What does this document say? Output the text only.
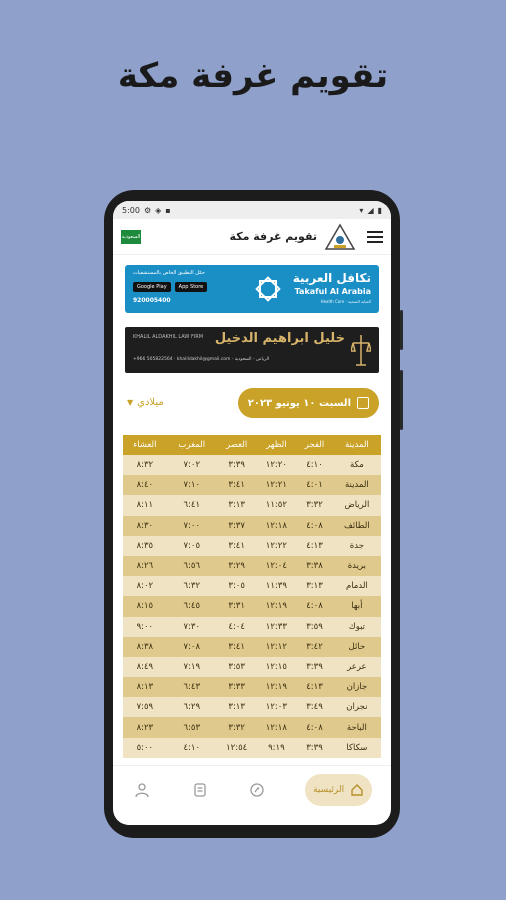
تقويم غرفة مكة
5:00 ⚙ ◈ ▪	▾ ◢ ▮
السعودية	تقويم غرفة مكة
تكافل العربية
Takaful Al Arabia
Health Care · العناية الصحية
حمّل التطبيق الخاص بالمستشفيات
Google Play	App Store
920005400
خليل ابراهيم الدخيل
KHALIL ALDAKHIL LAW FIRM
+966 505822564 · khalildakhil@gmail.com · الرياض - السعودية
السبت ١٠ يونيو ٢٠٢٣
▼ ميلادي
المدينة	الفجر	الظهر	العصر	المغرب	العشاء
مكة	٤:١٠	١٢:٢٠	٣:٣٩	٧:٠٢	٨:٣٢
المدينة	٤:٠١	١٢:٢١	٣:٤١	٧:١٠	٨:٤٠
الرياض	٣:٣٢	١١:٥٢	٣:١٣	٦:٤١	٨:١١
الطائف	٤:٠٨	١٢:١٨	٣:٣٧	٧:٠٠	٨:٣٠
جدة	٤:١٣	١٢:٢٢	٣:٤١	٧:٠٥	٨:٣٥
بريدة	٣:٣٨	١٢:٠٤	٣:٢٩	٦:٥٦	٨:٢٦
الدمام	٣:١٣	١١:٣٩	٣:٠٥	٦:٣٢	٨:٠٢
أبها	٤:٠٨	١٢:١٩	٣:٣١	٦:٤٥	٨:١٥
تبوك	٣:٥٩	١٢:٣٣	٤:٠٤	٧:٣٠	٩:٠٠
حائل	٣:٤٢	١٢:١٢	٣:٤١	٧:٠٨	٨:٣٨
عرعر	٣:٣٩	١٢:١٥	٣:٥٣	٧:١٩	٨:٤٩
جازان	٤:١٣	١٢:١٩	٣:٣٣	٦:٤٣	٨:١٣
نجران	٣:٤٩	١٢:٠٣	٣:١٣	٦:٢٩	٧:٥٩
الباحة	٤:٠٨	١٢:١٨	٣:٣٢	٦:٥٣	٨:٢٣
سكاكا	٣:٣٩	٩:١٩	١٢:٥٤	٤:١٠	٥:٠٠
الرئيسية
